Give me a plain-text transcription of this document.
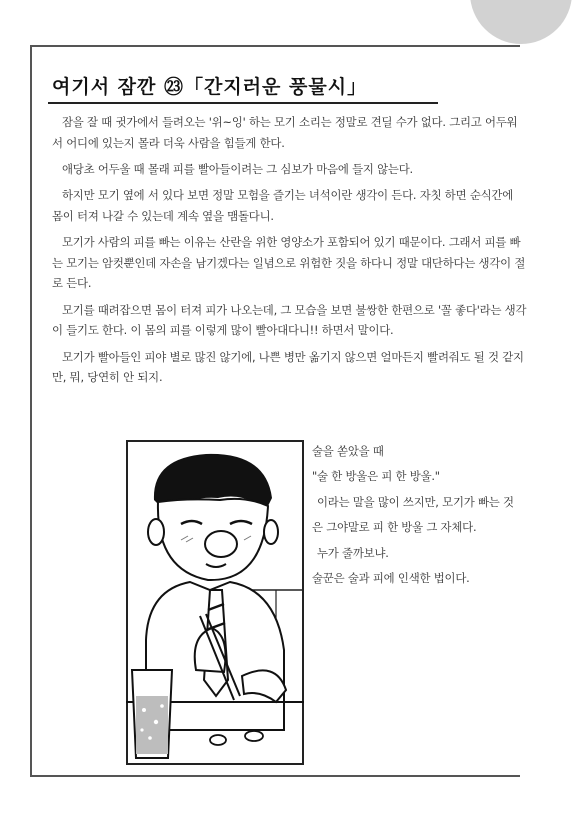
여기서 잠깐 ㉓「간지러운 풍물시」

잠을 잘 때 귓가에서 들려오는 '위~잉' 하는 모기 소리는 정말로 견딜 수가 없다. 그리고 어두워서 어디에 있는지 몰라 더욱 사람을 힘들게 한다.

애당초 어두울 때 몰래 피를 빨아들이려는 그 심보가 마음에 들지 않는다.

하지만 모기 옆에 서 있다 보면 정말 모험을 즐기는 녀석이란 생각이 든다. 자칫 하면 순식간에 몸이 터져 나갈 수 있는데 계속 옆을 맴돌다니.

모기가 사람의 피를 빠는 이유는 산란을 위한 영양소가 포함되어 있기 때문이다. 그래서 피를 빠는 모기는 암컷뿐인데 자손을 남기겠다는 일념으로 위험한 짓을 하다니 정말 대단하다는 생각이 절로 든다.

모기를 때려잡으면 몸이 터져 피가 나오는데, 그 모습을 보면 불쌍한 한편으로 '꼴 좋다'라는 생각이 들기도 한다. 이 몸의 피를 이렇게 많이 빨아대다니!! 하면서 말이다.

모기가 빨아들인 피야 별로 많진 않기에, 나쁜 병만 옮기지 않으면 얼마든지 빨려줘도 될 것 같지만, 뭐, 당연히 안 되지.

술을 쏟았을 때

"술 한 방울은 피 한 방울."

이라는 말을 많이 쓰지만, 모기가 빠는 것

은 그야말로 피 한 방울 그 자체다.

누가 줄까보냐.

술꾼은 술과 피에 인색한 법이다.
